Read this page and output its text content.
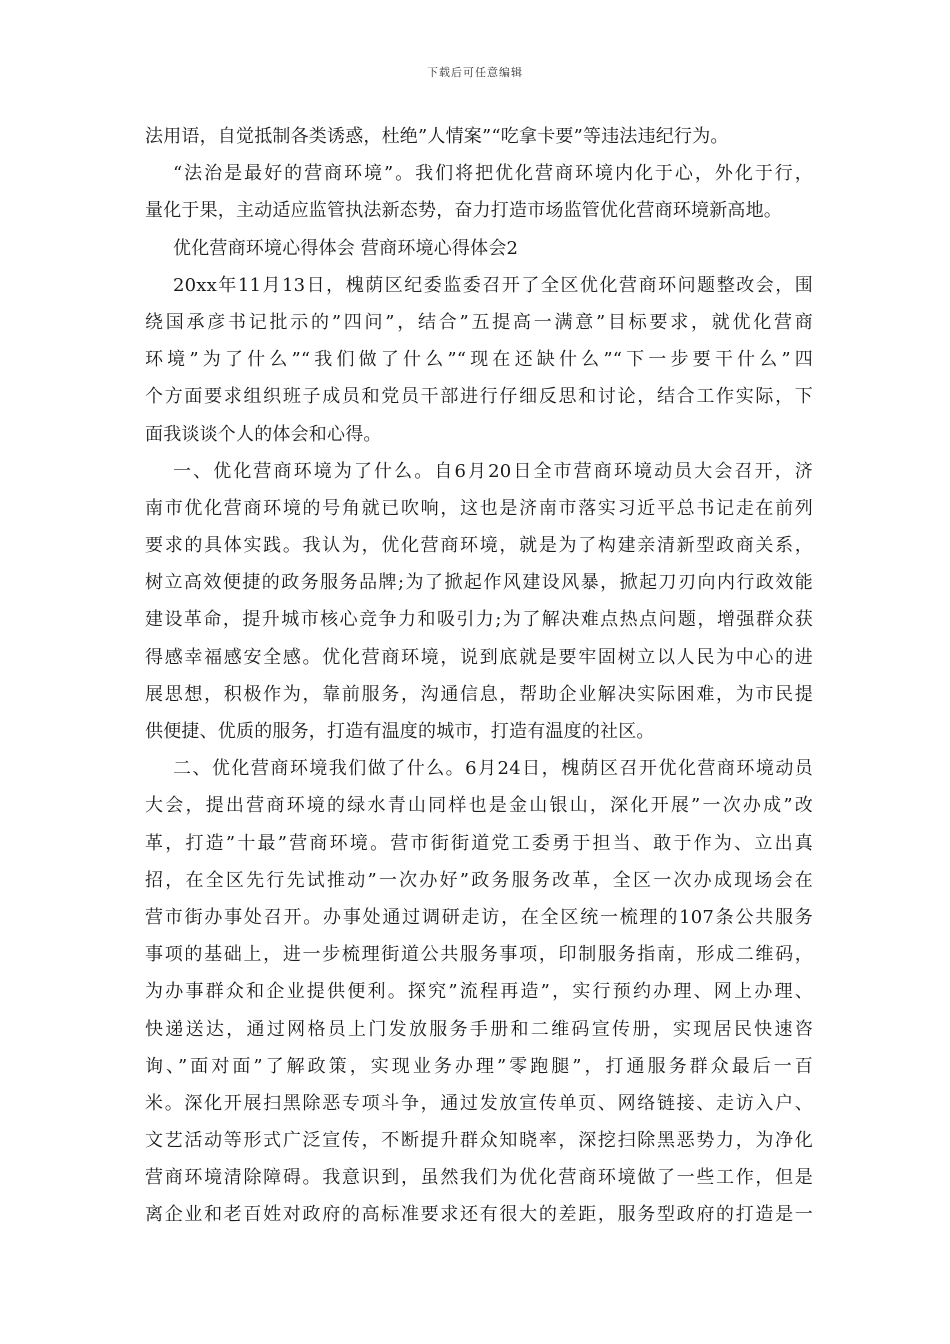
下载后可任意编辑
法用语，自觉抵制各类诱惑，杜绝”人情案”“吃拿卡要”等违法违纪行为。
“法治是最好的营商环境”。我们将把优化营商环境内化于心，外化于行，
量化于果，主动适应监管执法新态势，奋力打造市场监管优化营商环境新高地。
优化营商环境心得体会 营商环境心得体会2
20xx年11月13日，槐荫区纪委监委召开了全区优化营商环问题整改会，围
绕国承彦书记批示的”四问”，结合”五提高一满意”目标要求，就优化营商
环境”为了什么”“我们做了什么”“现在还缺什么”“下一步要干什么”四
个方面要求组织班子成员和党员干部进行仔细反思和讨论，结合工作实际，下
面我谈谈个人的体会和心得。
一、优化营商环境为了什么。自6月20日全市营商环境动员大会召开，济
南市优化营商环境的号角就已吹响，这也是济南市落实习近平总书记走在前列
要求的具体实践。我认为，优化营商环境，就是为了构建亲清新型政商关系，
树立高效便捷的政务服务品牌;为了掀起作风建设风暴，掀起刀刃向内行政效能
建设革命，提升城市核心竞争力和吸引力;为了解决难点热点问题，增强群众获
得感幸福感安全感。优化营商环境，说到底就是要牢固树立以人民为中心的进
展思想，积极作为，靠前服务，沟通信息，帮助企业解决实际困难，为市民提
供便捷、优质的服务，打造有温度的城市，打造有温度的社区。
二、优化营商环境我们做了什么。6月24日，槐荫区召开优化营商环境动员
大会，提出营商环境的绿水青山同样也是金山银山，深化开展”一次办成”改
革，打造”十最”营商环境。营市街街道党工委勇于担当、敢于作为、立出真
招，在全区先行先试推动”一次办好”政务服务改革，全区一次办成现场会在
营市街办事处召开。办事处通过调研走访，在全区统一梳理的107条公共服务
事项的基础上，进一步梳理街道公共服务事项，印制服务指南，形成二维码，
为办事群众和企业提供便利。探究”流程再造”，实行预约办理、网上办理、
快递送达，通过网格员上门发放服务手册和二维码宣传册，实现居民快速咨
询、”面对面”了解政策，实现业务办理”零跑腿”，打通服务群众最后一百
米。深化开展扫黑除恶专项斗争，通过发放宣传单页、网络链接、走访入户、
文艺活动等形式广泛宣传，不断提升群众知晓率，深挖扫除黑恶势力，为净化
营商环境清除障碍。我意识到，虽然我们为优化营商环境做了一些工作，但是
离企业和老百姓对政府的高标准要求还有很大的差距，服务型政府的打造是一
